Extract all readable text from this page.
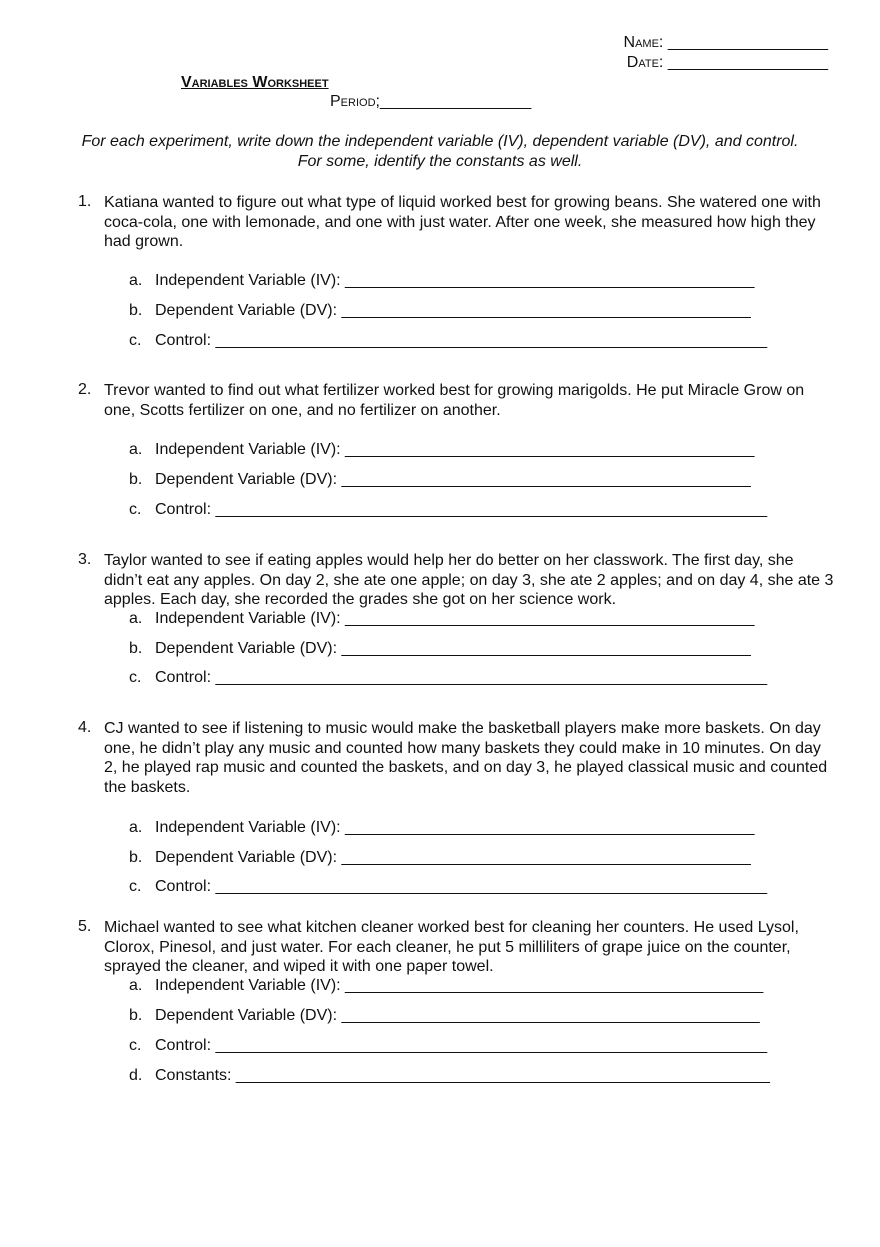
Name: __________________
Date: __________________
Variables Worksheet
Period;_________________
For each experiment, write down the independent variable (IV), dependent variable (DV), and control.
For some, identify the constants as well.
1. Katiana wanted to figure out what type of liquid worked best for growing beans. She watered one with coca-cola, one with lemonade, and one with just water. After one week, she measured how high they had grown.
a. Independent Variable (IV): ______________________________________________
b. Dependent Variable (DV): ______________________________________________
c. Control: ______________________________________________________________
2. Trevor wanted to find out what fertilizer worked best for growing marigolds. He put Miracle Grow on one, Scotts fertilizer on one, and no fertilizer on another.
a. Independent Variable (IV): ______________________________________________
b. Dependent Variable (DV): ______________________________________________
c. Control: ______________________________________________________________
3. Taylor wanted to see if eating apples would help her do better on her classwork. The first day, she didn’t eat any apples. On day 2, she ate one apple; on day 3, she ate 2 apples; and on day 4, she ate 3 apples. Each day, she recorded the grades she got on her science work.
a. Independent Variable (IV): ______________________________________________
b. Dependent Variable (DV): ______________________________________________
c. Control: ______________________________________________________________
4. CJ wanted to see if listening to music would make the basketball players make more baskets. On day one, he didn’t play any music and counted how many baskets they could make in 10 minutes. On day 2, he played rap music and counted the baskets, and on day 3, he played classical music and counted the baskets.
a. Independent Variable (IV): ______________________________________________
b. Dependent Variable (DV): ______________________________________________
c. Control: ______________________________________________________________
5. Michael wanted to see what kitchen cleaner worked best for cleaning her counters. He used Lysol, Clorox, Pinesol, and just water. For each cleaner, he put 5 milliliters of grape juice on the counter, sprayed the cleaner, and wiped it with one paper towel.
a. Independent Variable (IV): _______________________________________________
b. Dependent Variable (DV): _______________________________________________
c. Control: ______________________________________________________________
d. Constants: ____________________________________________________________
